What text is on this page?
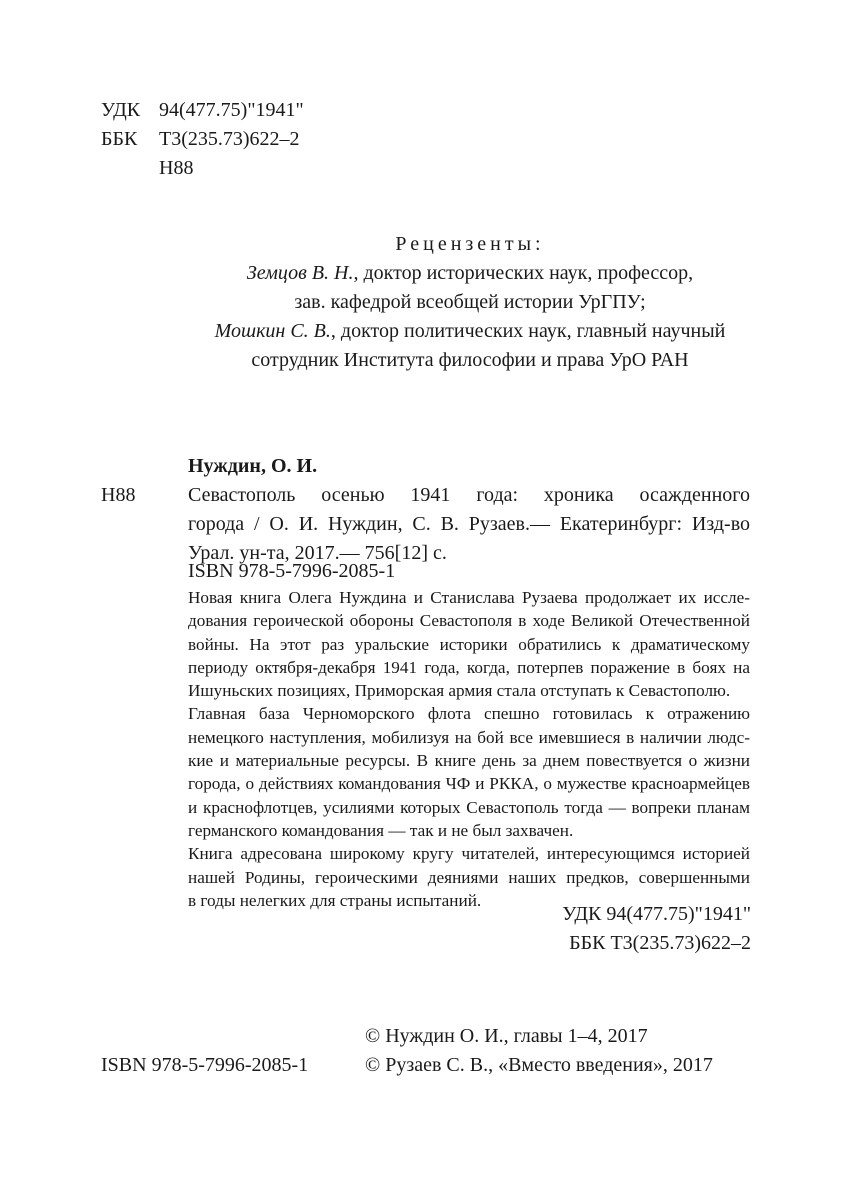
УДК 94(477.75)"1941"
ББК	Т3(235.73)622–2
Н88
Рецензенты:
Земцов В. Н., доктор исторических наук, профессор,
зав. кафедрой всеобщей истории УрГПУ;
Мошкин С. В., доктор политических наук, главный научный
сотрудник Института философии и права УрО РАН
Нуждин, О. И.
Н88	Севастополь осенью 1941 года: хроника осажденного
города / О. И. Нуждин, С. В. Рузаев.— Екатеринбург: Изд-во
Урал. ун-та, 2017.— 756[12] с.
ISBN 978-5-7996-2085-1

Новая книга Олега Нуждина и Станислава Рузаева продолжает их иссле-
дования героической обороны Севастополя в ходе Великой Отечественной
войны. На этот раз уральские историки обратились к драматическому
периоду октября-декабря 1941 года, когда, потерпев поражение в боях на
Ишуньских позициях, Приморская армия стала отступать к Севастополю.

Главная база Черноморского флота спешно готовилась к отражению
немецкого наступления, мобилизуя на бой все имевшиеся в наличии людс-
кие и материальные ресурсы. В книге день за днем повествуется о жизни
города, о действиях командования ЧФ и РККА, о мужестве красноармейцев
и краснофлотцев, усилиями которых Севастополь тогда — вопреки планам
германского командования — так и не был захвачен.

Книга адресована широкому кругу читателей, интересующимся историей
нашей Родины, героическими деяниями наших предков, совершенными
в годы нелегких для страны испытаний.

УДК 94(477.75)"1941"
ББК Т3(235.73)622–2
© Нуждин О. И., главы 1–4, 2017
© Рузаев С. В., «Вместо введения», 2017
ISBN 978-5-7996-2085-1
